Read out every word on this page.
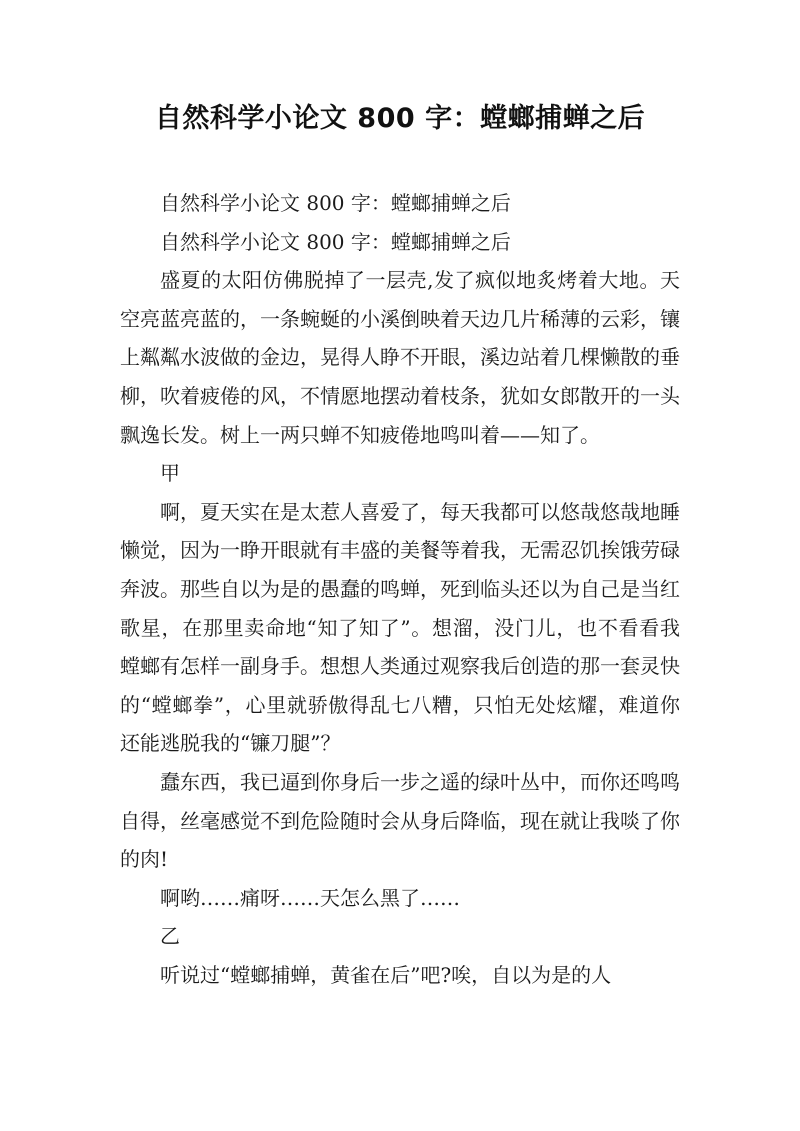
自然科学小论文 800 字：螳螂捕蝉之后

自然科学小论文 800 字：螳螂捕蝉之后

自然科学小论文 800 字：螳螂捕蝉之后

盛夏的太阳仿佛脱掉了一层壳,发了疯似地炙烤着大地。天空亮蓝亮蓝的，一条蜿蜒的小溪倒映着天边几片稀薄的云彩，镶上粼粼水波做的金边，晃得人睁不开眼，溪边站着几棵懒散的垂柳，吹着疲倦的风，不情愿地摆动着枝条，犹如女郎散开的一头飘逸长发。树上一两只蝉不知疲倦地鸣叫着——知了。

甲

啊，夏天实在是太惹人喜爱了，每天我都可以悠哉悠哉地睡懒觉，因为一睁开眼就有丰盛的美餐等着我，无需忍饥挨饿劳碌奔波。那些自以为是的愚蠢的鸣蝉，死到临头还以为自己是当红歌星，在那里卖命地“知了知了”。想溜，没门儿，也不看看我螳螂有怎样一副身手。想想人类通过观察我后创造的那一套灵快的“螳螂拳”，心里就骄傲得乱七八糟，只怕无处炫耀，难道你还能逃脱我的“镰刀腿”？

蠢东西，我已逼到你身后一步之遥的绿叶丛中，而你还鸣鸣自得，丝毫感觉不到危险随时会从身后降临，现在就让我啖了你的肉!

啊哟……痛呀……天怎么黑了……

乙

听说过“螳螂捕蝉，黄雀在后”吧?唉，自以为是的人
